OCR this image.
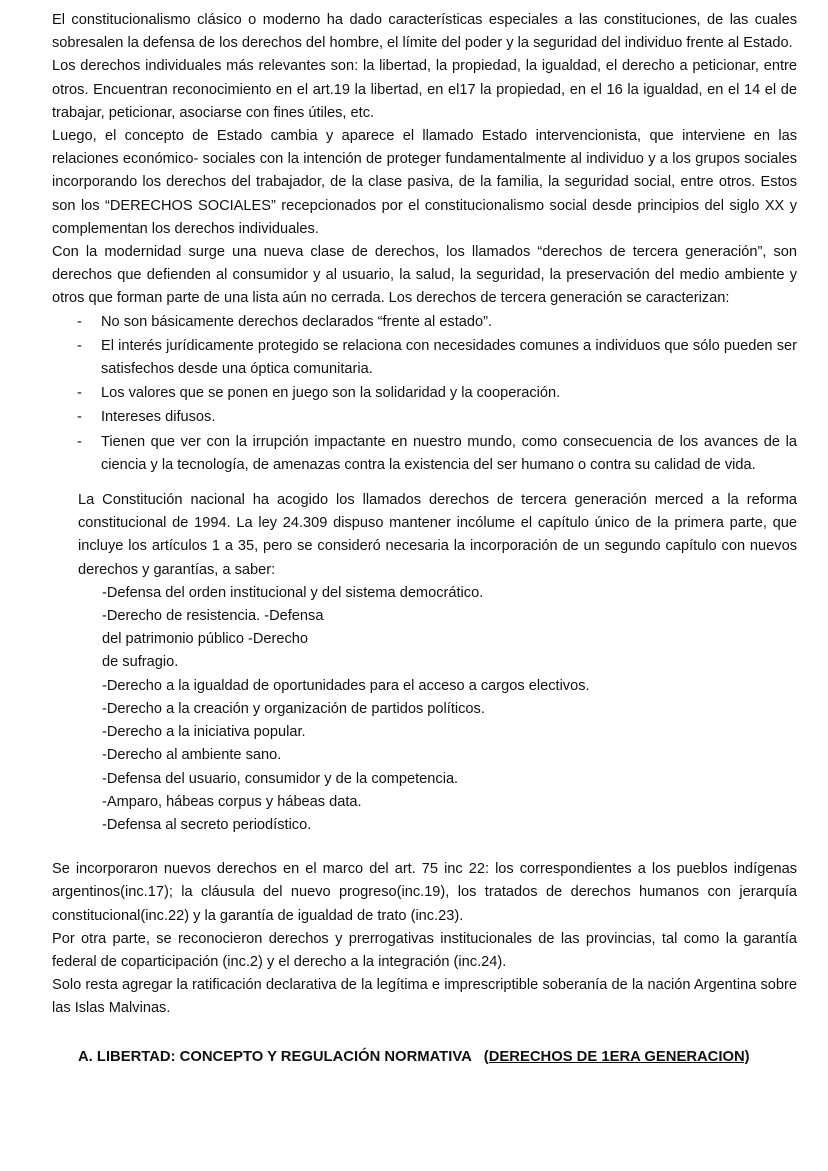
El constitucionalismo clásico o moderno ha dado características especiales a las constituciones, de las cuales sobresalen la defensa de los derechos del hombre, el límite del poder y la seguridad del individuo frente al Estado.

Los derechos individuales más relevantes son: la libertad, la propiedad, la igualdad, el derecho a peticionar, entre otros. Encuentran reconocimiento en el art.19 la libertad, en el17 la propiedad, en el 16 la igualdad, en el 14 el de trabajar, peticionar, asociarse con fines útiles, etc.

Luego, el concepto de Estado cambia y aparece el llamado Estado intervencionista, que interviene en las relaciones económico- sociales con la intención de proteger fundamentalmente al individuo y a los grupos sociales incorporando los derechos del trabajador, de la clase pasiva, de la familia, la seguridad social, entre otros. Estos son los “DERECHOS SOCIALES” recepcionados por el constitucionalismo social desde principios del siglo XX y complementan los derechos individuales.

Con la modernidad surge una nueva clase de derechos, los llamados “derechos de tercera generación”, son derechos que defienden al consumidor y al usuario, la salud, la seguridad, la preservación del medio ambiente y otros que forman parte de una lista aún no cerrada. Los derechos de tercera generación se caracterizan:

- No son básicamente derechos declarados “frente al estado”.
- El interés jurídicamente protegido se relaciona con necesidades comunes a individuos que sólo pueden ser satisfechos desde una óptica comunitaria.
- Los valores que se ponen en juego son la solidaridad y la cooperación.
- Intereses difusos.
- Tienen que ver con la irrupción impactante en nuestro mundo, como consecuencia de los avances de la ciencia y la tecnología, de amenazas contra la existencia del ser humano o contra su calidad de vida.

La Constitución nacional ha acogido los llamados derechos de tercera generación merced a la reforma constitucional de 1994. La ley 24.309 dispuso mantener incólume el capítulo único de la primera parte, que incluye los artículos 1 a 35, pero se consideró necesaria la incorporación de un segundo capítulo con nuevos derechos y garantías, a saber:

-Defensa del orden institucional y del sistema democrático.
-Derecho de resistencia. -Defensa
del patrimonio público -Derecho
de sufragio.
-Derecho a la igualdad de oportunidades para el acceso a cargos electivos.
-Derecho a la creación y organización de partidos políticos.
-Derecho a la iniciativa popular.
-Derecho al ambiente sano.
-Defensa del usuario, consumidor y de la competencia.
-Amparo, hábeas corpus y hábeas data.
-Defensa al secreto periodístico.

Se incorporaron nuevos derechos en el marco del art. 75 inc 22: los correspondientes a los pueblos indígenas argentinos(inc.17); la cláusula del nuevo progreso(inc.19), los tratados de derechos humanos con jerarquía constitucional(inc.22) y la garantía de igualdad de trato (inc.23).

Por otra parte, se reconocieron derechos y prerrogativas institucionales de las provincias, tal como la garantía federal de coparticipación (inc.2) y el derecho a la integración (inc.24).

Solo resta agregar la ratificación declarativa de la legítima e imprescriptible soberanía de la nación Argentina sobre las Islas Malvinas.

A. LIBERTAD: CONCEPTO Y REGULACIÓN NORMATIVA (DERECHOS DE 1ERA GENERACION)
